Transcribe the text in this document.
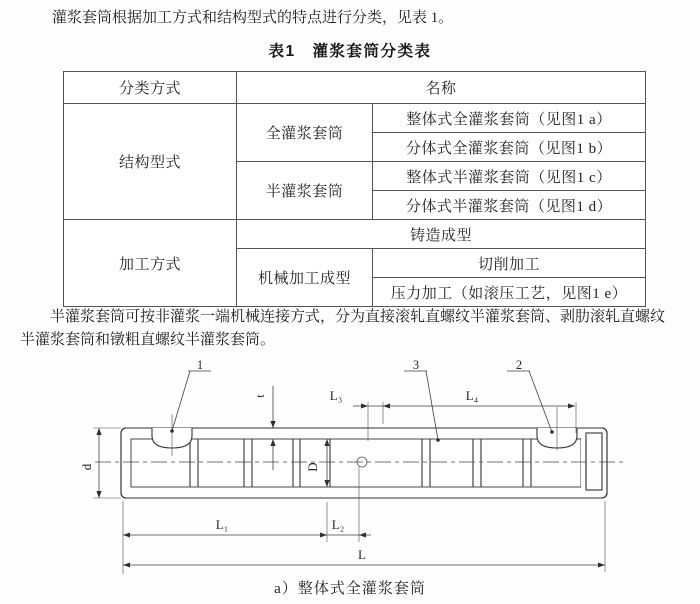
灌浆套筒根据加工方式和结构型式的特点进行分类，见表 1。

表1　灌浆套筒分类表
分类方式	名称	
结构型式	全灌浆套筒	整体式全灌浆套筒（见图1 a）
		分体式全灌浆套筒（见图1 b）
	半灌浆套筒	整体式半灌浆套筒（见图1 c）
		分体式半灌浆套筒（见图1 d）
加工方式	铸造成型	
	机械加工成型	切削加工
		压力加工（如滚压工艺，见图1 e）

半灌浆套筒可按非灌浆一端机械连接方式，分为直接滚轧直螺纹半灌浆套筒、剥肋滚轧直螺纹半灌浆套筒和镦粗直螺纹半灌浆套筒。

1	3	2
t	L₃	L₄
d	D
L₁	L₂
L
a）整体式全灌浆套筒
